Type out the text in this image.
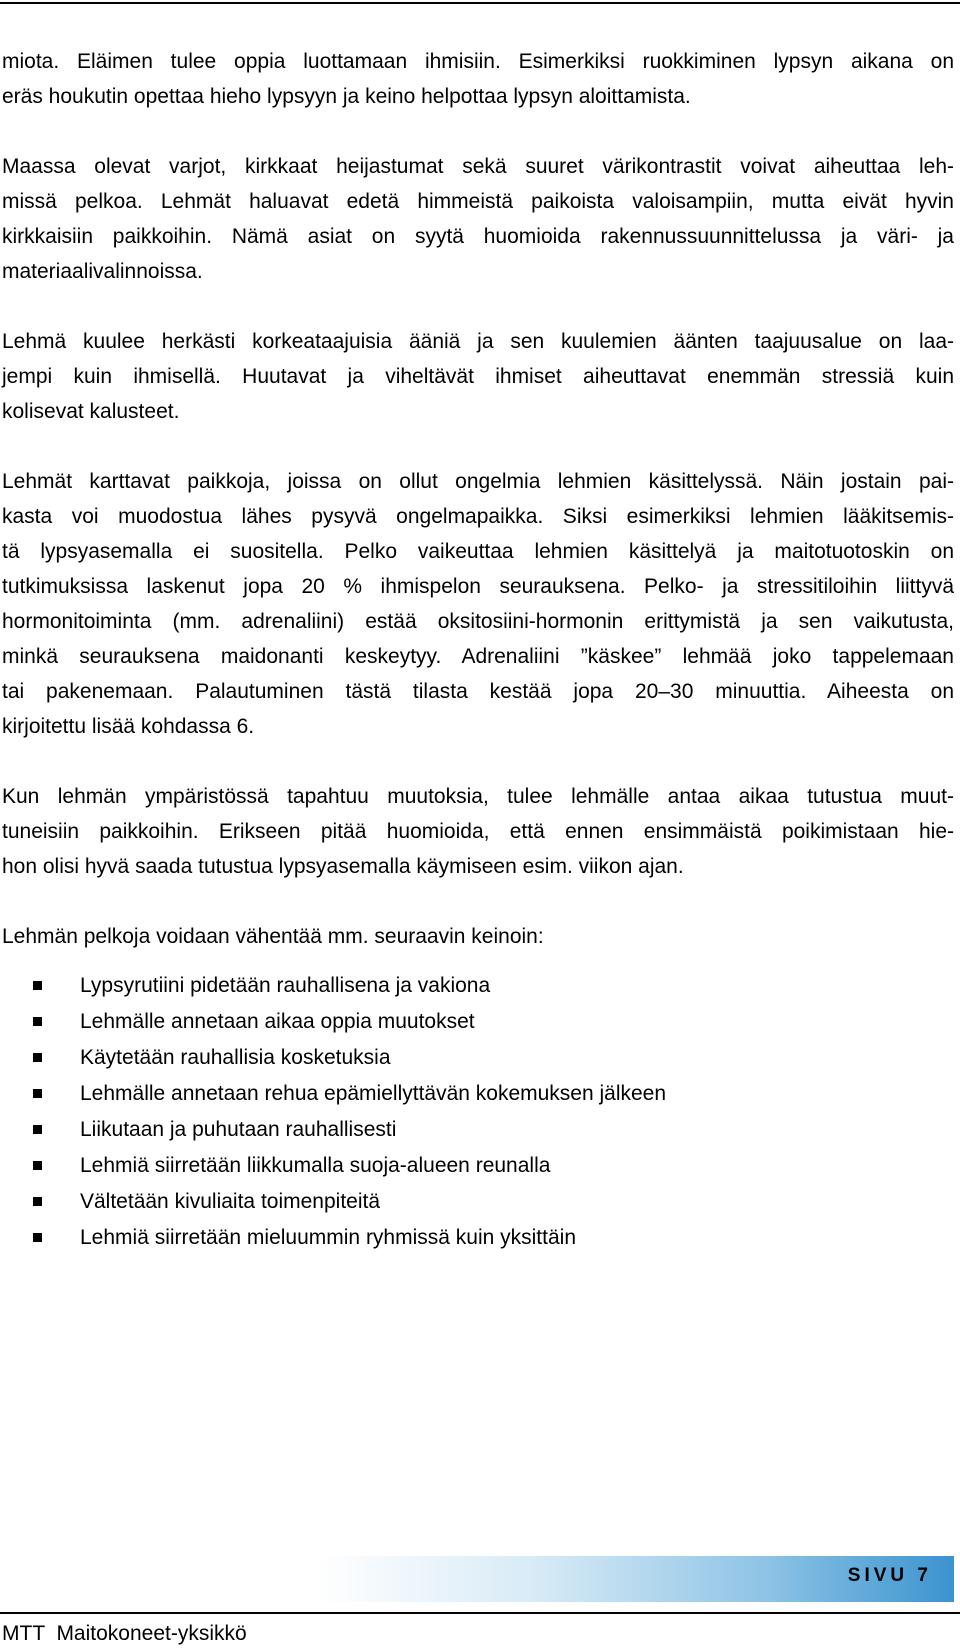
miota. Eläimen tulee oppia luottamaan ihmisiin. Esimerkiksi ruokkiminen lypsyn aikana on
eräs houkutin opettaa hieho lypsyyn ja keino helpottaa lypsyn aloittamista.
Maassa olevat varjot, kirkkaat heijastumat sekä suuret värikontrastit voivat aiheuttaa leh-
missä pelkoa. Lehmät haluavat edetä himmeistä paikoista valoisampiin, mutta eivät hyvin
kirkkaisiin paikkoihin. Nämä asiat on syytä huomioida rakennussuunnittelussa ja väri- ja
materiaalivalinnoissa.
Lehmä kuulee herkästi korkeataajuisia ääniä ja sen kuulemien äänten taajuusalue on laa-
jempi kuin ihmisellä. Huutavat ja viheltävät ihmiset aiheuttavat enemmän stressiä kuin
kolisevat kalusteet.
Lehmät karttavat paikkoja, joissa on ollut ongelmia lehmien käsittelyssä. Näin jostain pai-
kasta voi muodostua lähes pysyvä ongelmapaikka. Siksi esimerkiksi lehmien lääkitsemis-
tä lypsyasemalla ei suositella. Pelko vaikeuttaa lehmien käsittelyä ja maitotuotoskin on
tutkimuksissa laskenut jopa 20 % ihmispelon seurauksena. Pelko- ja stressitiloihin liittyvä
hormonitoiminta (mm. adrenaliini) estää oksitosiini-hormonin erittymistä ja sen vaikutusta,
minkä seurauksena maidonanti keskeytyy. Adrenaliini ”käskee” lehmää joko tappelemaan
tai pakenemaan. Palautuminen tästä tilasta kestää jopa 20–30 minuuttia. Aiheesta on
kirjoitettu lisää kohdassa 6.
Kun lehmän ympäristössä tapahtuu muutoksia, tulee lehmälle antaa aikaa tutustua muut-
tuneisiin paikkoihin. Erikseen pitää huomioida, että ennen ensimmäistä poikimistaan hie-
hon olisi hyvä saada tutustua lypsyasemalla käymiseen esim. viikon ajan.
Lehmän pelkoja voidaan vähentää mm. seuraavin keinoin:
Lypsyrutiini pidetään rauhallisena ja vakiona
Lehmälle annetaan aikaa oppia muutokset
Käytetään rauhallisia kosketuksia
Lehmälle annetaan rehua epämiellyttävän kokemuksen jälkeen
Liikutaan ja puhutaan rauhallisesti
Lehmiä siirretään liikkumalla suoja-alueen reunalla
Vältetään kivuliaita toimenpiteitä
Lehmiä siirretään mieluummin ryhmissä kuin yksittäin
SIVU 7
MTT  Maitokoneet-yksikkö
